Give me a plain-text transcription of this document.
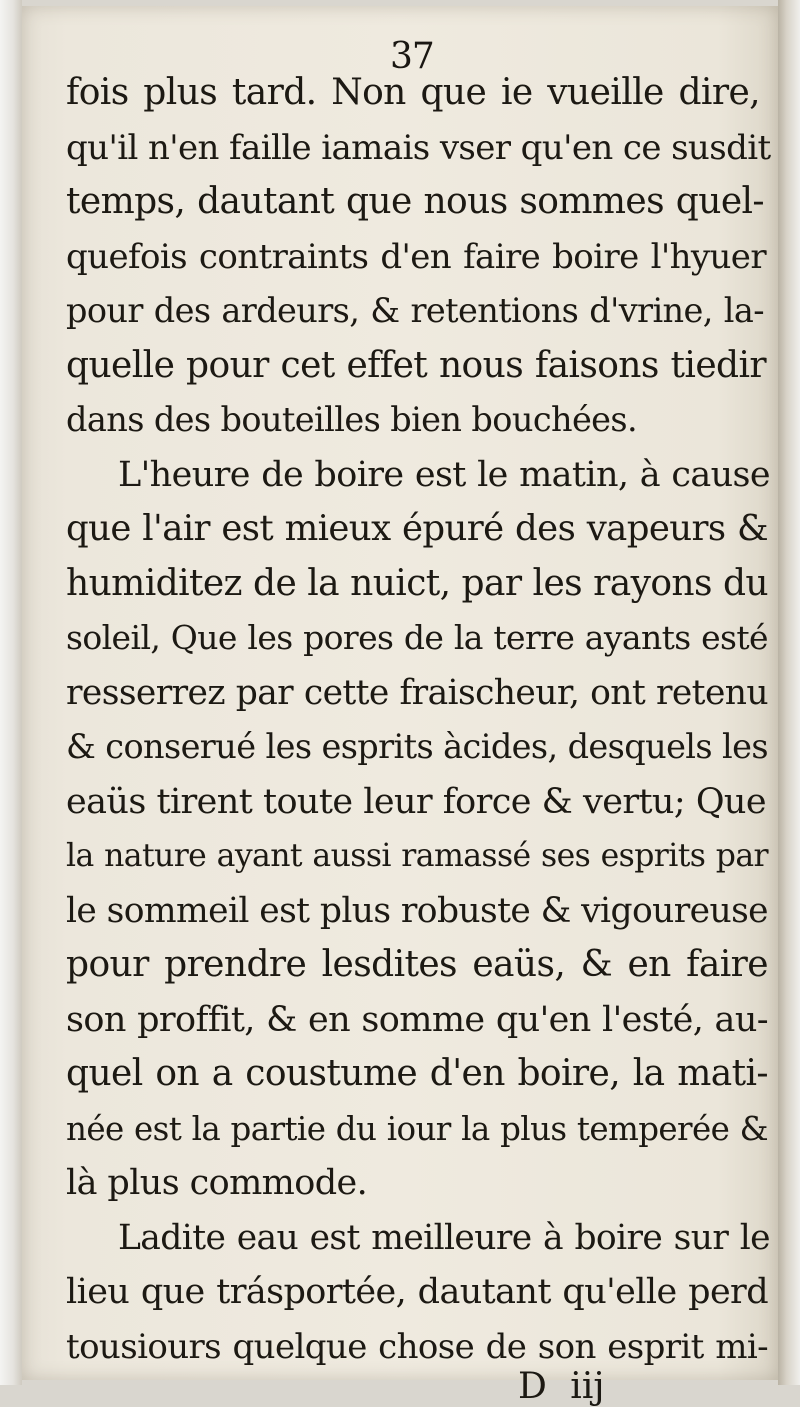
37
fois plus tard. Non que ie vueille dire,
qu'il n'en faille iamais vser qu'en ce susdit
temps, dautant que nous sommes quel-
quefois contraints d'en faire boire l'hyuer
pour des ardeurs, & retentions d'vrine, la-
quelle pour cet effet nous faisons tiedir
dans des bouteilles bien bouchées.
L'heure de boire est le matin, à cause
que l'air est mieux épuré des vapeurs &
humiditez de la nuict, par les rayons du
soleil, Que les pores de la terre ayants esté
resserrez par cette fraischeur, ont retenu
& conserué les esprits àcides, desquels les
eaüs tirent toute leur force & vertu; Que
la nature ayant aussi ramassé ses esprits par
le sommeil est plus robuste & vigoureuse
pour prendre lesdites eaüs, & en faire
son proffit, & en somme qu'en l'esté, au-
quel on a coustume d'en boire, la mati-
née est la partie du iour la plus temperée &
là plus commode.
Ladite eau est meilleure à boire sur le
lieu que trásportée, dautant qu'elle perd
tousiours quelque chose de son esprit mi-
D iij
